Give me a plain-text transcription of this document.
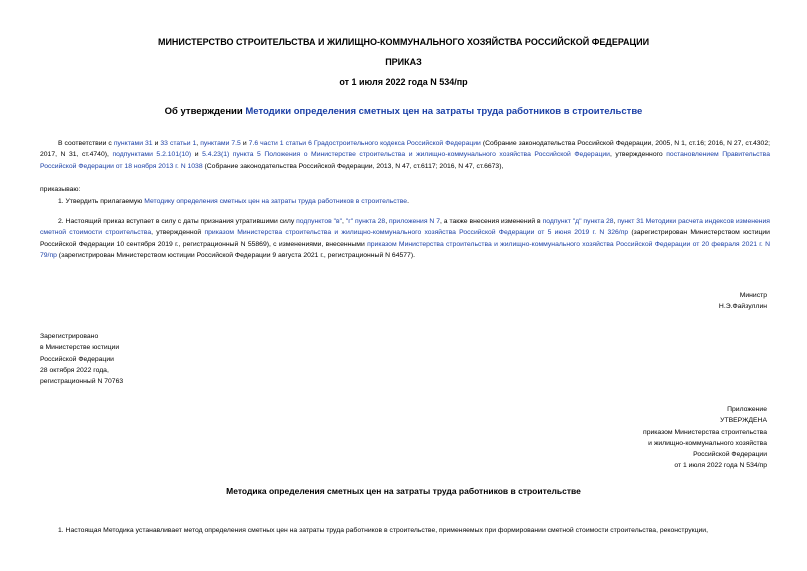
МИНИСТЕРСТВО СТРОИТЕЛЬСТВА И ЖИЛИЩНО-КОММУНАЛЬНОГО ХОЗЯЙСТВА РОССИЙСКОЙ ФЕДЕРАЦИИ
ПРИКАЗ
от 1 июля 2022 года N 534/пр
Об утверждении Методики определения сметных цен на затраты труда работников в строительстве
В соответствии с пунктами 31 и 33 статьи 1, пунктами 7.5 и 7.6 части 1 статьи 6 Градостроительного кодекса Российской Федерации (Собрание законодательства Российской Федерации, 2005, N 1, ст.16; 2016, N 27, ст.4302; 2017, N 31, ст.4740), подпунктами 5.2.101(10) и 5.4.23(1) пункта 5 Положения о Министерстве строительства и жилищно-коммунального хозяйства Российской Федерации, утвержденного постановлением Правительства Российской Федерации от 18 ноября 2013 г. N 1038 (Собрание законодательства Российской Федерации, 2013, N 47, ст.6117; 2016, N 47, ст.6673),
приказываю:
1. Утвердить прилагаемую Методику определения сметных цен на затраты труда работников в строительстве.
2. Настоящий приказ вступает в силу с даты признания утратившими силу подпунктов "в", "г" пункта 28, приложения N 7, а также внесения изменений в подпункт "д" пункта 28, пункт 31 Методики расчета индексов изменения сметной стоимости строительства, утвержденной приказом Министерства строительства и жилищно-коммунального хозяйства Российской Федерации от 5 июня 2019 г. N 326/пр (зарегистрирован Министерством юстиции Российской Федерации 10 сентября 2019 г., регистрационный N 55869), с изменениями, внесенными приказом Министерства строительства и жилищно-коммунального хозяйства Российской Федерации от 20 февраля 2021 г. N 79/пр (зарегистрирован Министерством юстиции Российской Федерации 9 августа 2021 г., регистрационный N 64577).
Министр
Н.Э.Файзуллин
Зарегистрировано
в Министерстве юстиции
Российской Федерации
28 октября 2022 года,
регистрационный N 70763
Приложение
УТВЕРЖДЕНА
приказом Министерства строительства
и жилищно-коммунального хозяйства
Российской Федерации
от 1 июля 2022 года N 534/пр
Методика определения сметных цен на затраты труда работников в строительстве
1. Настоящая Методика устанавливает метод определения сметных цен на затраты труда работников в строительстве, применяемых при формировании сметной стоимости строительства, реконструкции,
